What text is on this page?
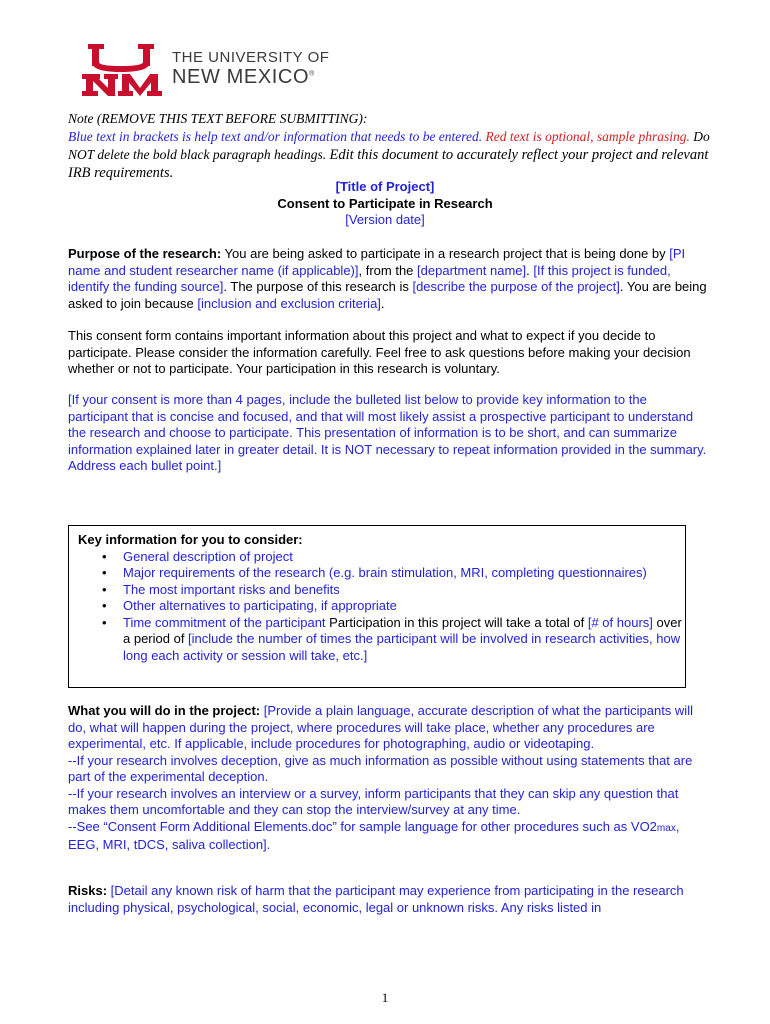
THE UNIVERSITY OF
NEW MEXICO®
Note (REMOVE THIS TEXT BEFORE SUBMITTING):
Blue text in brackets is help text and/or information that needs to be entered. Red text is optional, sample phrasing. Do NOT delete the bold black paragraph headings. Edit this document to accurately reflect your project and relevant IRB requirements.
[Title of Project]
Consent to Participate in Research
[Version date]
Purpose of the research: You are being asked to participate in a research project that is being done by [PI name and student researcher name (if applicable)], from the [department name]. [If this project is funded, identify the funding source]. The purpose of this research is [describe the purpose of the project]. You are being asked to join because [inclusion and exclusion criteria].
This consent form contains important information about this project and what to expect if you decide to participate. Please consider the information carefully. Feel free to ask questions before making your decision whether or not to participate. Your participation in this research is voluntary.
[If your consent is more than 4 pages, include the bulleted list below to provide key information to the participant that is concise and focused, and that will most likely assist a prospective participant to understand the research and choose to participate. This presentation of information is to be short, and can summarize information explained later in greater detail. It is NOT necessary to repeat information provided in the summary. Address each bullet point.]
Key information for you to consider:
• General description of project
• Major requirements of the research (e.g. brain stimulation, MRI, completing questionnaires)
• The most important risks and benefits
• Other alternatives to participating, if appropriate
• Time commitment of the participant Participation in this project will take a total of [# of hours] over a period of [include the number of times the participant will be involved in research activities, how long each activity or session will take, etc.]
What you will do in the project: [Provide a plain language, accurate description of what the participants will do, what will happen during the project, where procedures will take place, whether any procedures are experimental, etc. If applicable, include procedures for photographing, audio or videotaping.
--If your research involves deception, give as much information as possible without using statements that are part of the experimental deception.
--If your research involves an interview or a survey, inform participants that they can skip any question that makes them uncomfortable and they can stop the interview/survey at any time.
--See “Consent Form Additional Elements.doc” for sample language for other procedures such as VO2max, EEG, MRI, tDCS, saliva collection].
Risks: [Detail any known risk of harm that the participant may experience from participating in the research including physical, psychological, social, economic, legal or unknown risks. Any risks listed in
1
